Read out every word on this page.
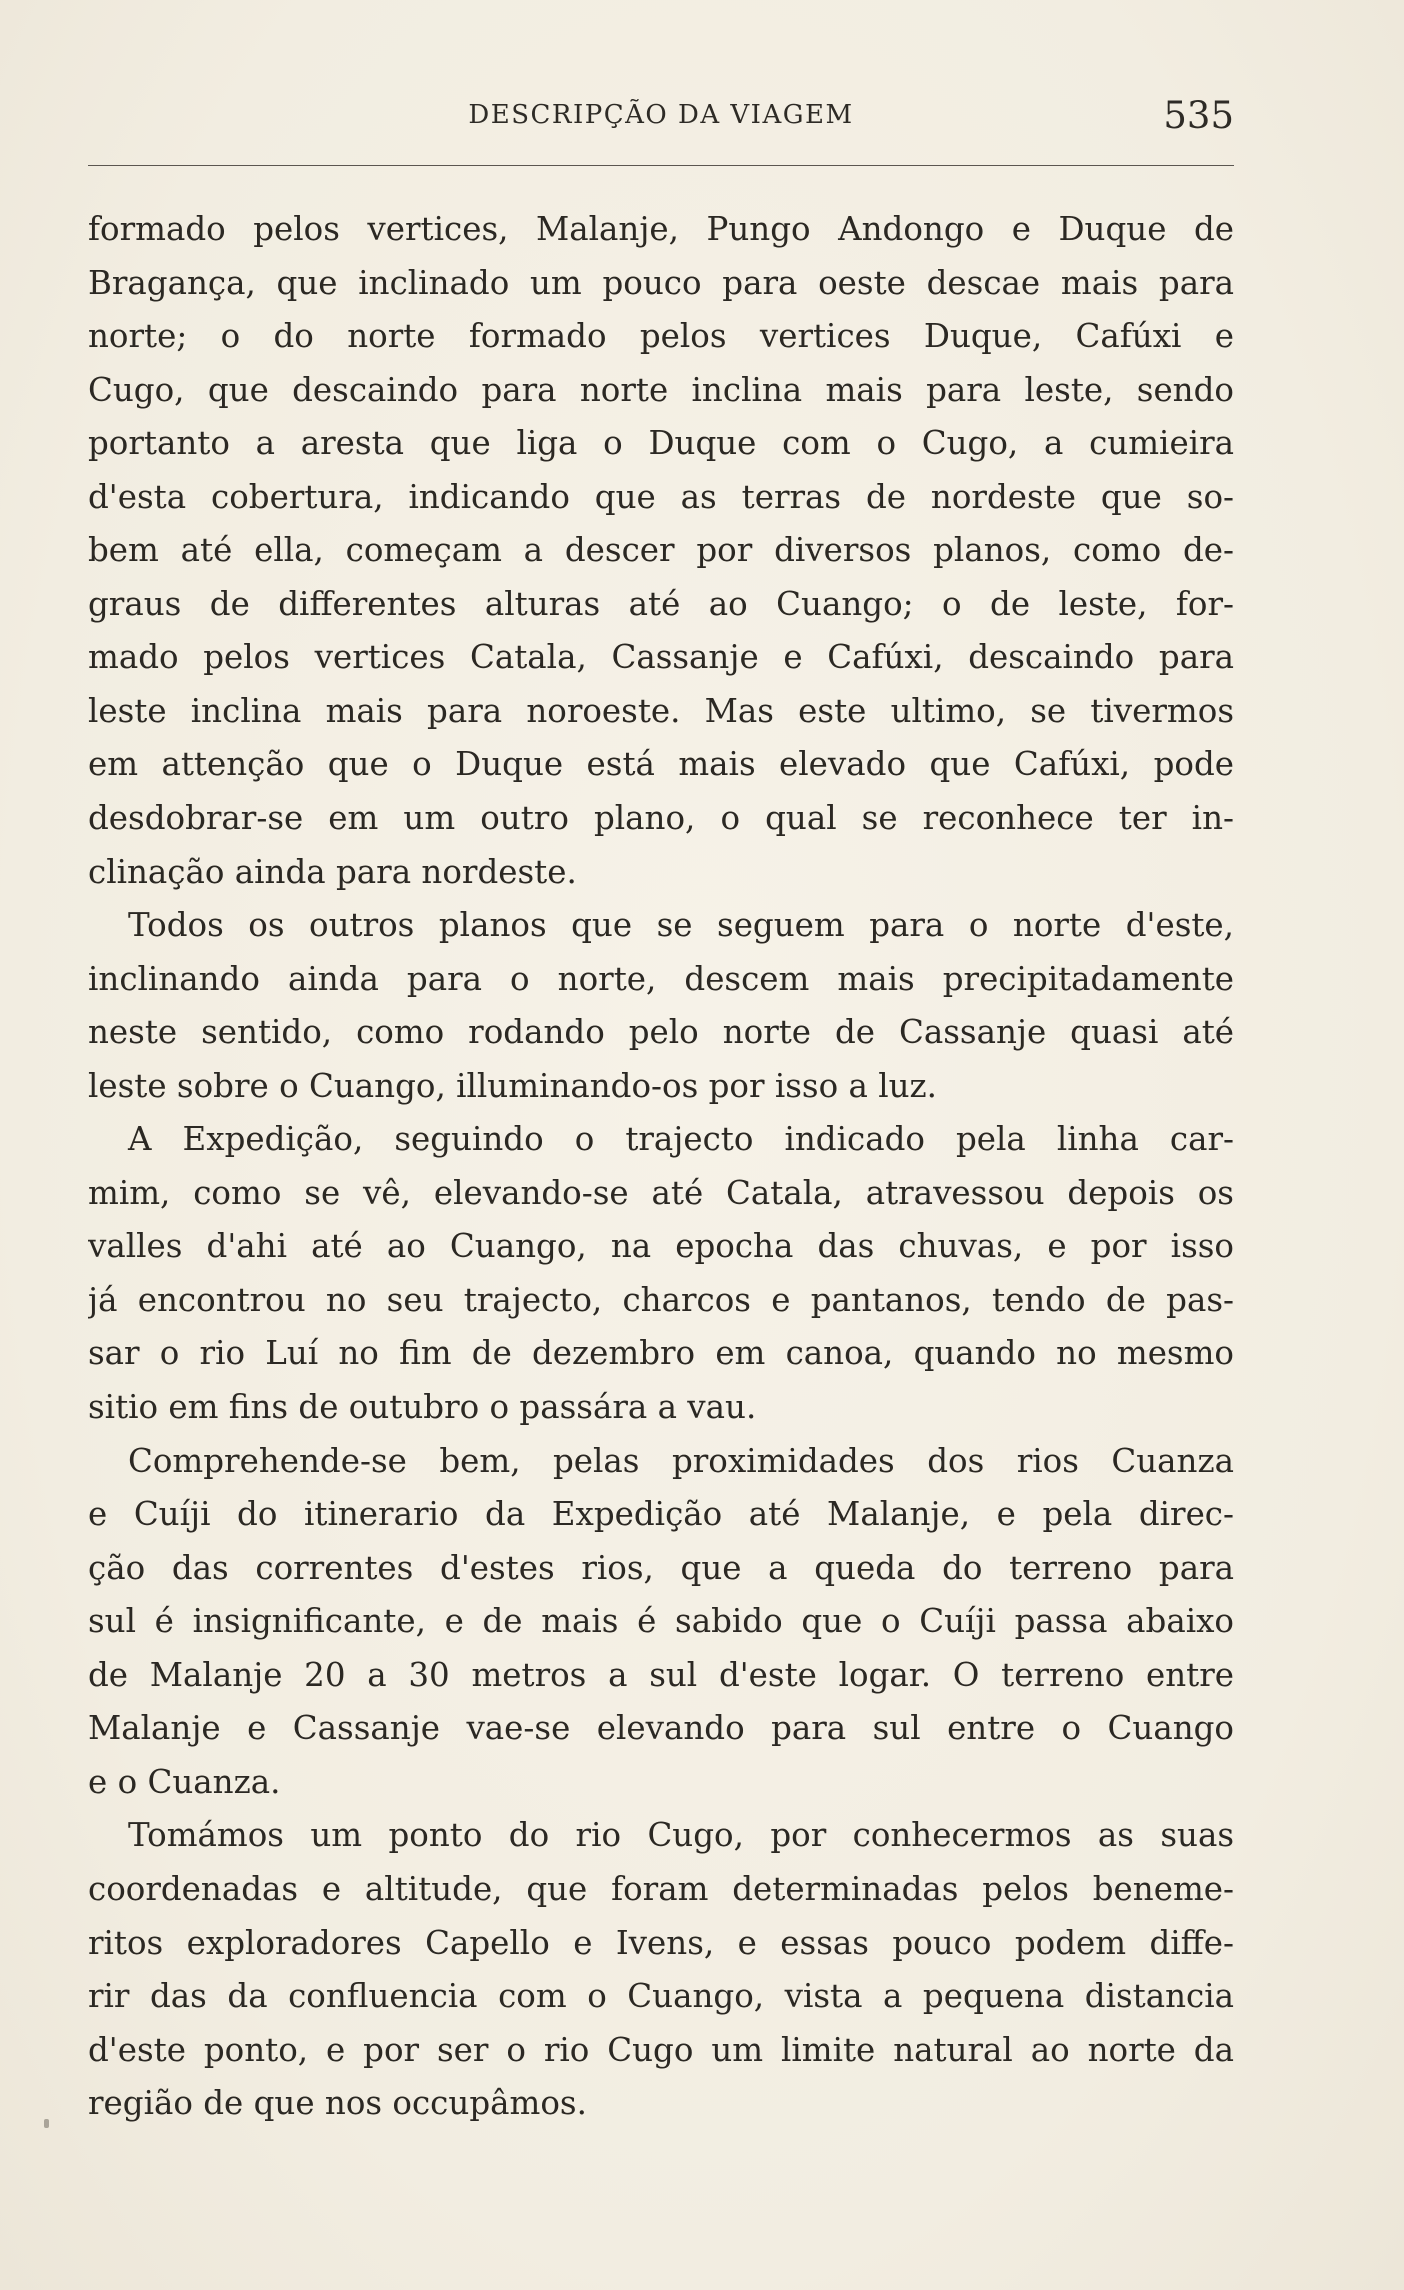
DESCRIPÇÃO DA VIAGEM	535
formado pelos vertices, Malanje, Pungo Andongo e Duque de
Bragança, que inclinado um pouco para oeste descae mais para
norte; o do norte formado pelos vertices Duque, Cafúxi e
Cugo, que descaindo para norte inclina mais para leste, sendo
portanto a aresta que liga o Duque com o Cugo, a cumieira
d'esta cobertura, indicando que as terras de nordeste que so-
bem até ella, começam a descer por diversos planos, como de-
graus de differentes alturas até ao Cuango; o de leste, for-
mado pelos vertices Catala, Cassanje e Cafúxi, descaindo para
leste inclina mais para noroeste. Mas este ultimo, se tivermos
em attenção que o Duque está mais elevado que Cafúxi, pode
desdobrar-se em um outro plano, o qual se reconhece ter in-
clinação ainda para nordeste.
Todos os outros planos que se seguem para o norte d'este,
inclinando ainda para o norte, descem mais precipitadamente
neste sentido, como rodando pelo norte de Cassanje quasi até
leste sobre o Cuango, illuminando-os por isso a luz.
A Expedição, seguindo o trajecto indicado pela linha car-
mim, como se vê, elevando-se até Catala, atravessou depois os
valles d'ahi até ao Cuango, na epocha das chuvas, e por isso
já encontrou no seu trajecto, charcos e pantanos, tendo de pas-
sar o rio Luí no fim de dezembro em canoa, quando no mesmo
sitio em fins de outubro o passára a vau.
Comprehende-se bem, pelas proximidades dos rios Cuanza
e Cuíji do itinerario da Expedição até Malanje, e pela direc-
ção das correntes d'estes rios, que a queda do terreno para
sul é insignificante, e de mais é sabido que o Cuíji passa abaixo
de Malanje 20 a 30 metros a sul d'este logar. O terreno entre
Malanje e Cassanje vae-se elevando para sul entre o Cuango
e o Cuanza.
Tomámos um ponto do rio Cugo, por conhecermos as suas
coordenadas e altitude, que foram determinadas pelos beneme-
ritos exploradores Capello e Ivens, e essas pouco podem diffe-
rir das da confluencia com o Cuango, vista a pequena distancia
d'este ponto, e por ser o rio Cugo um limite natural ao norte da
região de que nos occupâmos.
